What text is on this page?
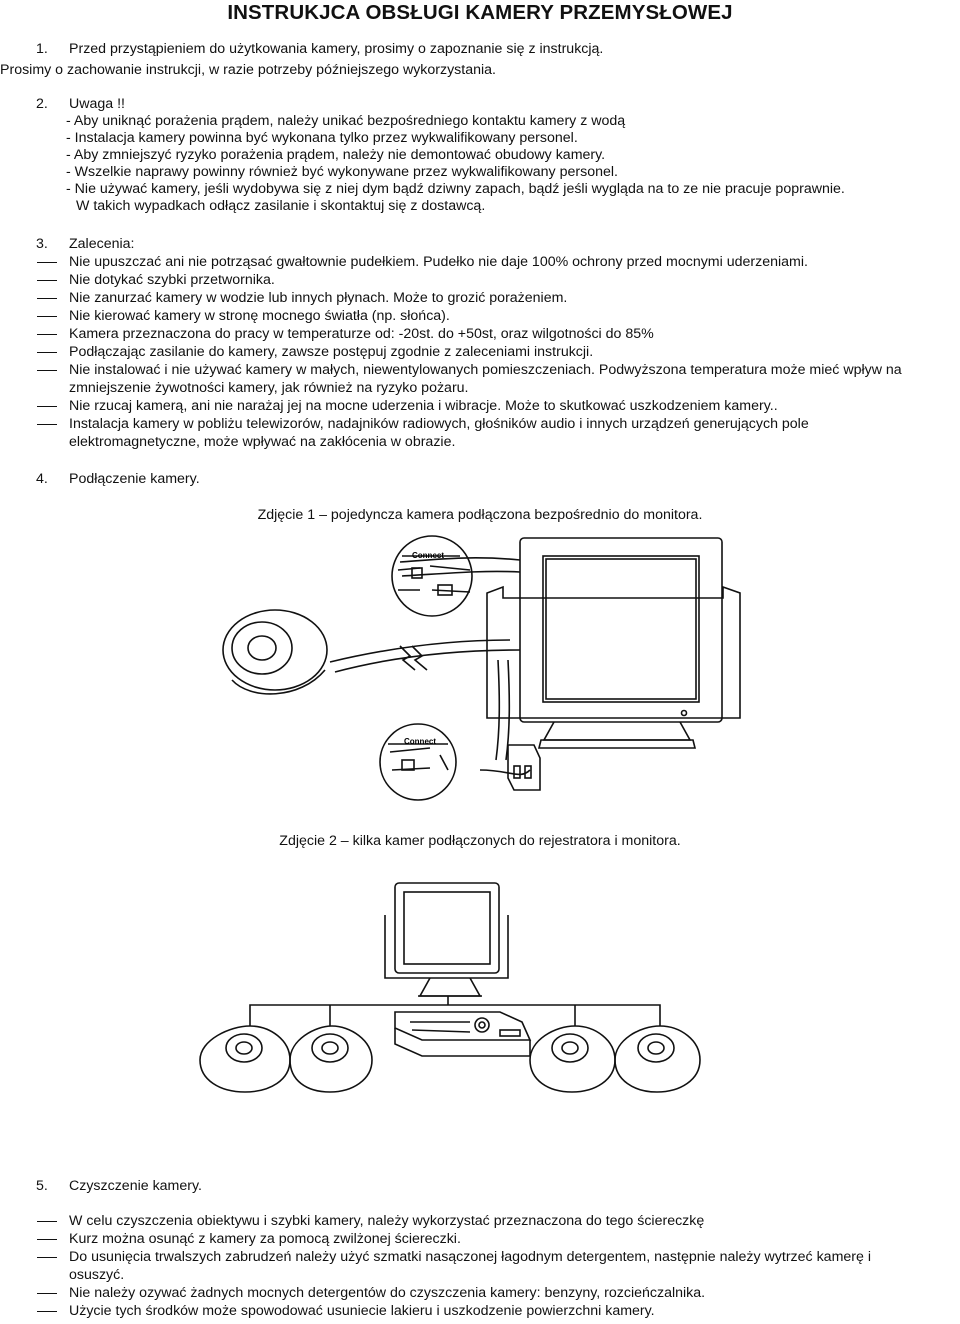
INSTRUKJCA OBSŁUGI KAMERY PRZEMYSŁOWEJ
1. Przed przystąpieniem do użytkowania kamery, prosimy o zapoznanie się z instrukcją.
Prosimy o zachowanie instrukcji, w razie potrzeby późniejszego wykorzystania.
2. Uwaga !!
- Aby uniknąć porażenia prądem, należy unikać bezpośredniego kontaktu kamery z wodą
- Instalacja kamery powinna być wykonana tylko przez wykwalifikowany personel.
- Aby zmniejszyć ryzyko porażenia prądem, należy nie demontować obudowy kamery.
- Wszelkie naprawy powinny również być wykonywane przez wykwalifikowany personel.
- Nie używać kamery, jeśli wydobywa się z niej dym bądź dziwny zapach, bądź jeśli wygląda na to ze nie pracuje poprawnie.
W takich wypadkach odłącz zasilanie i skontaktuj się z dostawcą.
3. Zalecenia:
Nie upuszczać ani nie potrząsać gwałtownie pudełkiem. Pudełko nie daje 100% ochrony przed mocnymi uderzeniami.
Nie dotykać szybki przetwornika.
Nie zanurzać kamery w wodzie lub innych płynach. Może to grozić porażeniem.
Nie kierować kamery w stronę mocnego światła (np. słońca).
Kamera przeznaczona do pracy w temperaturze od: -20st. do +50st, oraz wilgotności do 85%
Podłączając zasilanie do kamery, zawsze postępuj zgodnie z zaleceniami instrukcji.
Nie instalować i nie używać kamery w małych, niewentylowanych pomieszczeniach. Podwyższona temperatura może mieć wpływ na
zmniejszenie żywotności kamery, jak również na ryzyko pożaru.
Nie rzucaj kamerą, ani nie narażaj jej na mocne uderzenia i wibracje. Może to skutkować uszkodzeniem kamery..
Instalacja kamery w pobliżu telewizorów, nadajników radiowych, głośników audio i innych urządzeń generujących pole
elektromagnetyczne, może wpływać na zakłócenia w obrazie.
4. Podłączenie kamery.
Zdjęcie 1 – pojedyncza kamera podłączona bezpośrednio do monitora.
Connect
Connect
Zdjęcie 2 – kilka kamer podłączonych do rejestratora i monitora.
5. Czyszczenie kamery.
W celu czyszczenia obiektywu i szybki kamery, należy wykorzystać przeznaczona do tego ściereczkę
Kurz można osunąć z kamery za pomocą zwilżonej ściereczki.
Do usunięcia trwalszych zabrudzeń należy użyć szmatki nasączonej łagodnym detergentem, następnie należy wytrzeć kamerę i
osuszyć.
Nie należy ozywać żadnych mocnych detergentów do czyszczenia kamery: benzyny, rozcieńczalnika.
Użycie tych środków może spowodować usuniecie lakieru i uszkodzenie powierzchni kamery.
